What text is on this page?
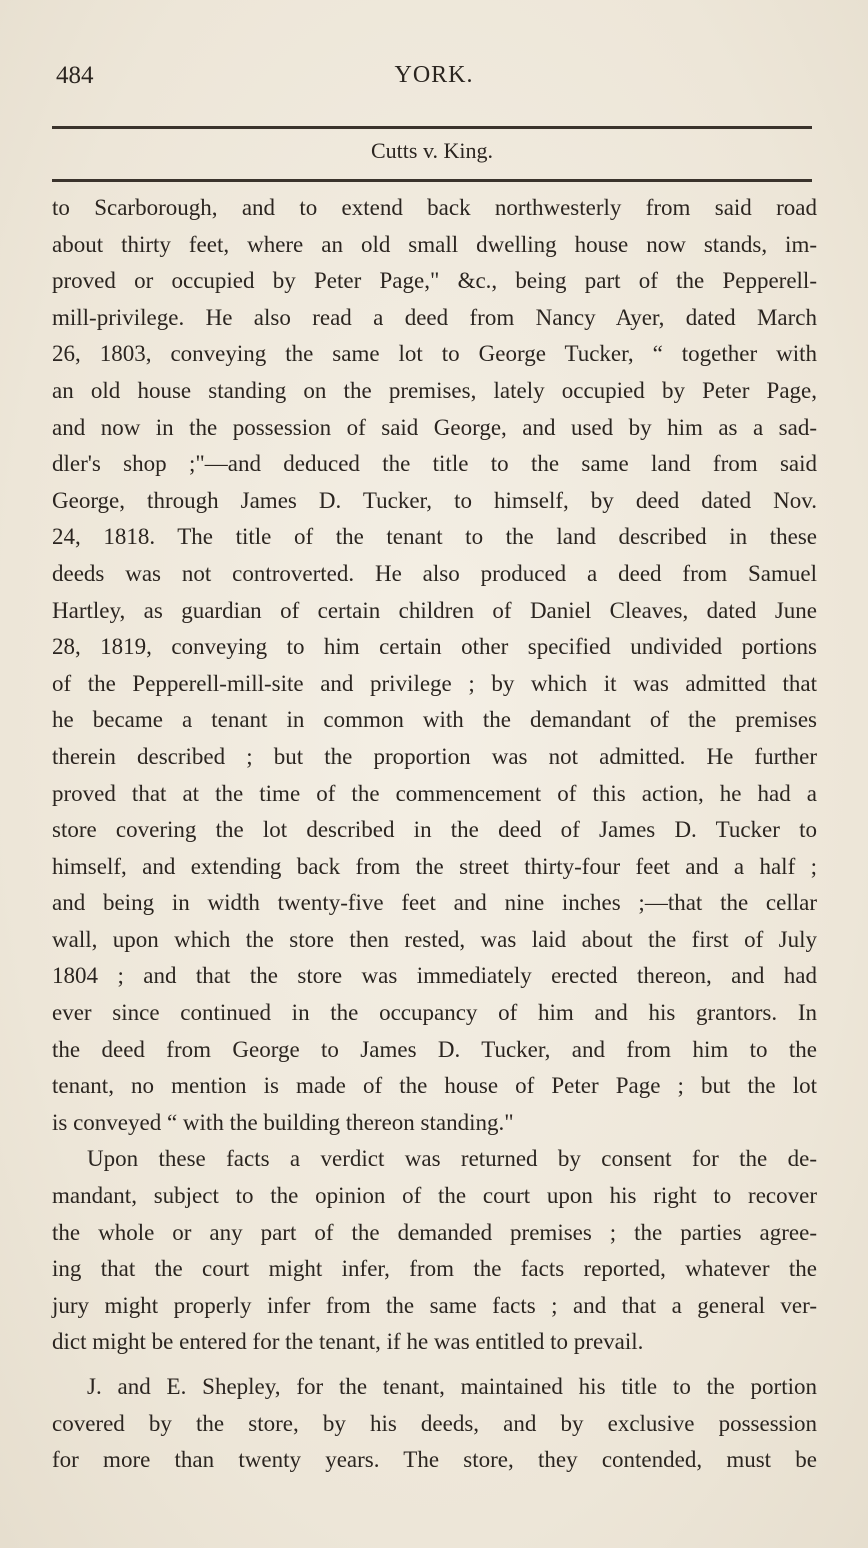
484	YORK.
Cutts v. King.
to Scarborough, and to extend back northwesterly from said road
about thirty feet, where an old small dwelling house now stands, im-
proved or occupied by Peter Page," &c., being part of the Pepperell-
mill-privilege. He also read a deed from Nancy Ayer, dated March
26, 1803, conveying the same lot to George Tucker, “ together with
an old house standing on the premises, lately occupied by Peter Page,
and now in the possession of said George, and used by him as a sad-
dler's shop ;"—and deduced the title to the same land from said
George, through James D. Tucker, to himself, by deed dated Nov.
24, 1818. The title of the tenant to the land described in these
deeds was not controverted. He also produced a deed from Samuel
Hartley, as guardian of certain children of Daniel Cleaves, dated June
28, 1819, conveying to him certain other specified undivided portions
of the Pepperell-mill-site and privilege ; by which it was admitted that
he became a tenant in common with the demandant of the premises
therein described ; but the proportion was not admitted. He further
proved that at the time of the commencement of this action, he had a
store covering the lot described in the deed of James D. Tucker to
himself, and extending back from the street thirty-four feet and a half ;
and being in width twenty-five feet and nine inches ;—that the cellar
wall, upon which the store then rested, was laid about the first of July
1804 ; and that the store was immediately erected thereon, and had
ever since continued in the occupancy of him and his grantors. In
the deed from George to James D. Tucker, and from him to the
tenant, no mention is made of the house of Peter Page ; but the lot
is conveyed “ with the building thereon standing."
Upon these facts a verdict was returned by consent for the de-
mandant, subject to the opinion of the court upon his right to recover
the whole or any part of the demanded premises ; the parties agree-
ing that the court might infer, from the facts reported, whatever the
jury might properly infer from the same facts ; and that a general ver-
dict might be entered for the tenant, if he was entitled to prevail.
J. and E. Shepley, for the tenant, maintained his title to the portion
covered by the store, by his deeds, and by exclusive possession
for more than twenty years. The store, they contended, must be
